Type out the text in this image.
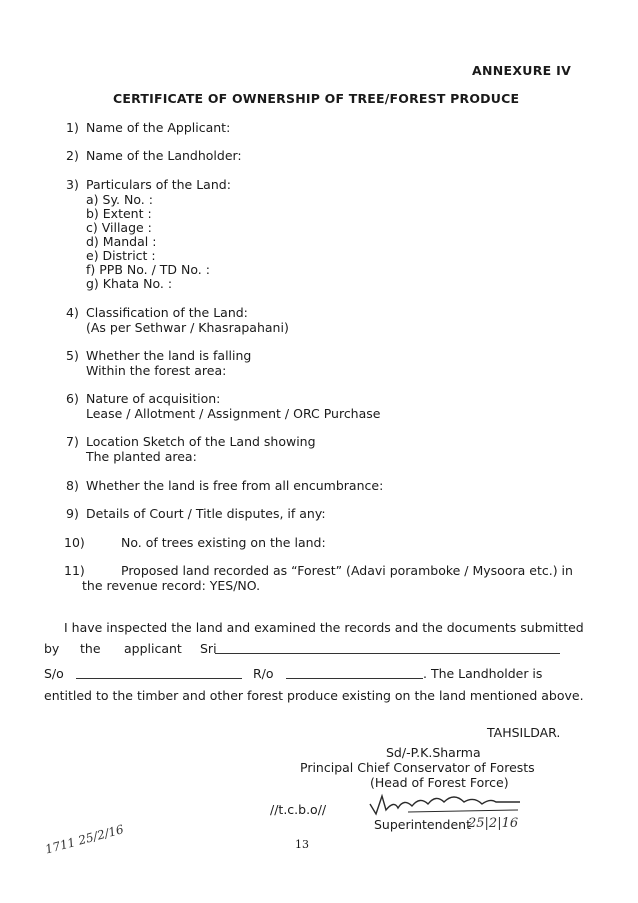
ANNEXURE IV
CERTIFICATE OF OWNERSHIP OF TREE/FOREST PRODUCE
1) Name of the Applicant:
2) Name of the Landholder:
3) Particulars of the Land:
a) Sy. No. :
b) Extent :
c) Village :
d) Mandal :
e) District :
f) PPB No. / TD No. :
g) Khata No. :
4) Classification of the Land:
(As per Sethwar / Khasrapahani)
5) Whether the land is falling
Within the forest area:
6) Nature of acquisition:
Lease / Allotment / Assignment / ORC Purchase
7) Location Sketch of the Land showing
The planted area:
8) Whether the land is free from all encumbrance:
9) Details of Court / Title disputes, if any:
10)	No. of trees existing on the land:
11)	Proposed land recorded as “Forest” (Adavi poramboke / Mysoora etc.) in
the revenue record: YES/NO.
I have inspected the land and examined the records and the documents submitted
by the applicant Sri
S/o	R/o	. The Landholder is
entitled to the timber and other forest produce existing on the land mentioned above.
TAHSILDAR.
Sd/-P.K.Sharma
Principal Chief Conservator of Forests
(Head of Forest Force)
//t.c.b.o//
Superintendent
25|2|16
13
1711 25/2/16
